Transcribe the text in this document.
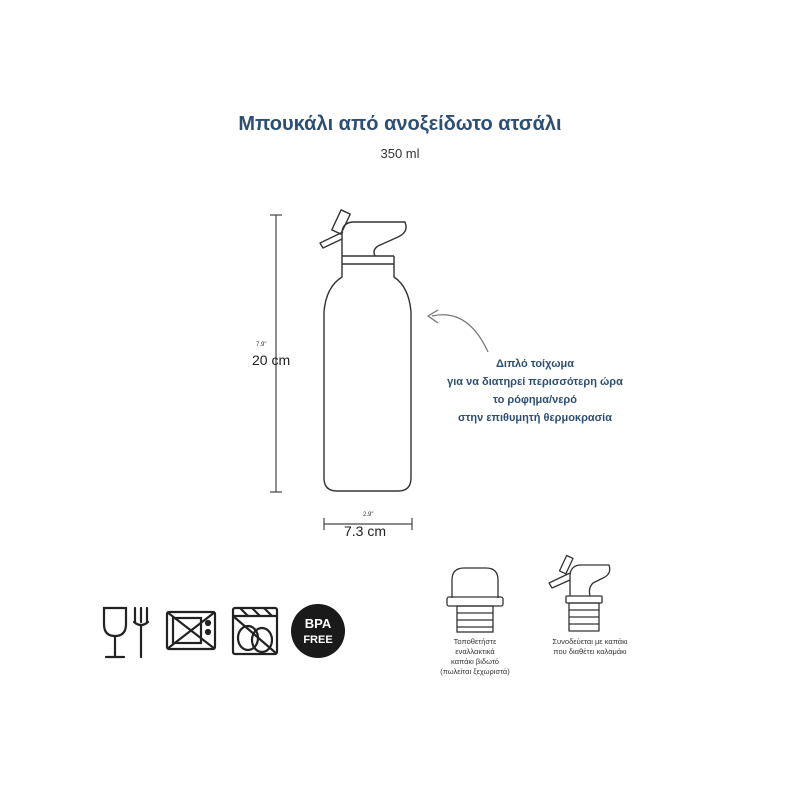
Μπουκάλι από ανοξείδωτο ατσάλι
350 ml
BPA
FREE
7.9"
20 cm
2.9"
7.3 cm
Διπλό τοίχωμα
για να διατηρεί περισσότερη ώρα
το ρόφημα/νερό
στην επιθυμητή θερμοκρασία
Τοποθετήστε
εναλλακτικά
καπάκι βιδωτό
(πωλείται ξεχωριστά)
Συνοδεύεται με καπάκι
που διαθέτει καλαμάκι
